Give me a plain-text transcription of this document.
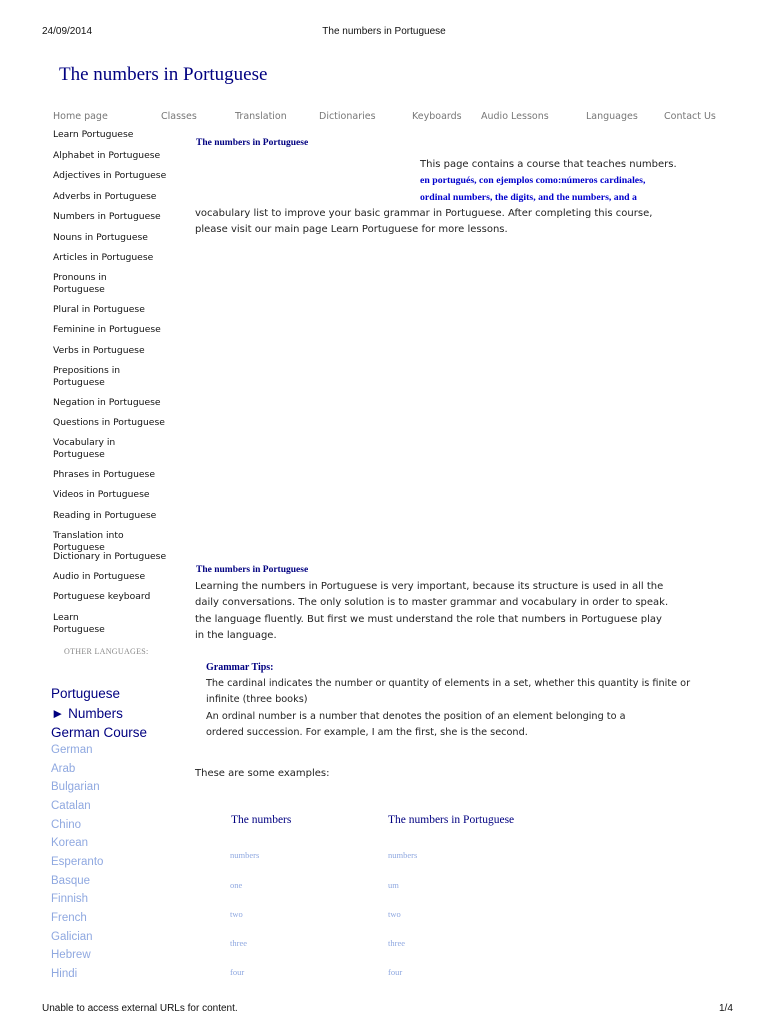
24/09/2014	The numbers in Portuguese
The numbers in Portuguese
Home page	Classes	Translation	Dictionaries	Keyboards Audio Lessons	Languages	Contact Us
Learn Portuguese
Alphabet in Portuguese
Adjectives in Portuguese
Adverbs in Portuguese
Numbers in Portuguese
Nouns in Portuguese
Articles in Portuguese
Pronouns in Portuguese
Plural in Portuguese
Feminine in Portuguese
Verbs in Portuguese
Prepositions in Portuguese
Negation in Portuguese
Questions in Portuguese
Vocabulary in Portuguese
Phrases in Portuguese
Videos in Portuguese
Reading in Portuguese
Translation into Portuguese
Dictionary in Portuguese
Audio in Portuguese
Portuguese keyboard
Learn Portuguese
OTHER LANGUAGES:
Portuguese
► Numbers
German Course
German
Arab
Bulgarian
Catalan
Chino
Korean
Esperanto
Basque
Finnish
French
Galician
Hebrew
Hindi
The numbers in Portuguese
This page contains a course that teaches numbers.
en portugués, con ejemplos como:números cardinales,
ordinal numbers, the digits, and the numbers, and a
vocabulary list to improve your basic grammar in Portuguese. After completing this course, please visit our main page Learn Portuguese for more lessons.
The numbers in Portuguese
Learning the numbers in Portuguese is very important, because its structure is used in all the daily conversations. The only solution is to master grammar and vocabulary in order to speak. the language fluently. But first we must understand the role that numbers in Portuguese play in the language.
Grammar Tips:
The cardinal indicates the number or quantity of elements in a set, whether this quantity is finite or infinite (three books)
An ordinal number is a number that denotes the position of an element belonging to a ordered succession. For example, I am the first, she is the second.
These are some examples:
The numbers	The numbers in Portuguese
numbers	numbers
one	um
two	two
three	three
four	four
Unable to access external URLs for content.	1/4
